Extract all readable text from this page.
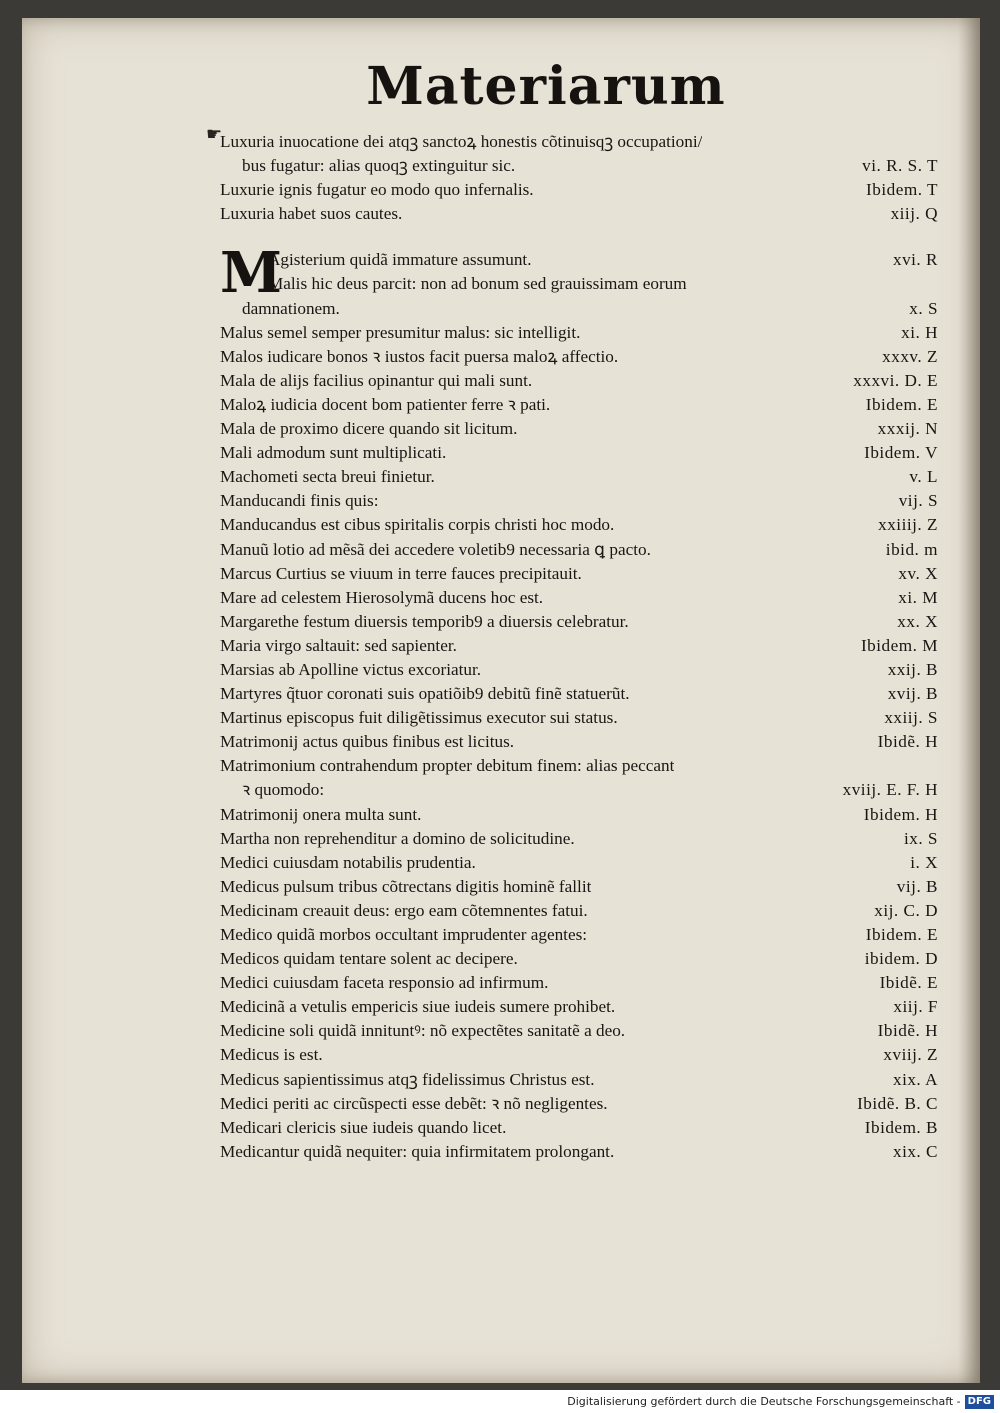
Materiarum
☛
Luxuria inuocatione dei atqꝫ sanctoꝝ honestis cõtinuisqꝫ occupationi/
bus fugatur: alias quoqꝫ extinguitur sic.	vi. R. S. T
Luxurie ignis fugatur eo modo quo infernalis.	Ibidem. T
Luxuria habet suos cautes.	xiij. Q
M
Agisterium quidã immature assumunt.	xvi. R
Malis hic deus parcit: non ad bonum sed grauissimam eorum
damnationem.	x. S
Malus semel semper presumitur malus: sic intelligit.	xi. H
Malos iudicare bonos ꝛ iustos facit puersa maloꝝ affectio.	xxxv. Z
Mala de alijs facilius opinantur qui mali sunt.	xxxvi. D. E
Maloꝝ iudicia docent bom patienter ferre ꝛ pati.	Ibidem. E
Mala de proximo dicere quando sit licitum.	xxxij. N
Mali admodum sunt multiplicati.	Ibidem. V
Machometi secta breui finietur.	v. L
Manducandi finis quis:	vij. S
Manducandus est cibus spiritalis corpis christi hoc modo.	xxiiij. Z
Manuũ lotio ad mẽsã dei accedere voletib9 necessaria ꝗ pacto.	ibid. m
Marcus Curtius se viuum in terre fauces precipitauit.	xv. X
Mare ad celestem Hierosolymã ducens hoc est.	xi. M
Margarethe festum diuersis temporib9 a diuersis celebratur.	xx. X
Maria virgo saltauit: sed sapienter.	Ibidem. M
Marsias ab Apolline victus excoriatur.	xxij. B
Martyres q̃tuor coronati suis opatiõib9 debitũ finẽ statuerũt.	xvij. B
Martinus episcopus fuit diligẽtissimus executor sui status.	xxiij. S
Matrimonij actus quibus finibus est licitus.	Ibidẽ. H
Matrimonium contrahendum propter debitum finem: alias peccant
ꝛ quomodo:	xviij. E. F. H
Matrimonij onera multa sunt.	Ibidem. H
Martha non reprehenditur a domino de solicitudine.	ix. S
Medici cuiusdam notabilis prudentia.	i. X
Medicus pulsum tribus cõtrectans digitis hominẽ fallit	vij. B
Medicinam creauit deus: ergo eam cõtemnentes fatui.	xij. C. D
Medico quidã morbos occultant imprudenter agentes:	Ibidem. E
Medicos quidam tentare solent ac decipere.	ibidem. D
Medici cuiusdam faceta responsio ad infirmum.	Ibidẽ. E
Medicinã a vetulis empericis siue iudeis sumere prohibet.	xiij. F
Medicine soli quidã innituntꝰ: nõ expectẽtes sanitatẽ a deo.	Ibidẽ. H
Medicus is est.	xviij. Z
Medicus sapientissimus atqꝫ fidelissimus Christus est.	xix. A
Medici periti ac circũspecti esse debẽt: ꝛ nõ negligentes.	Ibidẽ. B. C
Medicari clericis siue iudeis quando licet.	Ibidem. B
Medicantur quidã nequiter: quia infirmitatem prolongant.	xix. C
Digitalisierung gefördert durch die Deutsche Forschungsgemeinschaft - DFG
